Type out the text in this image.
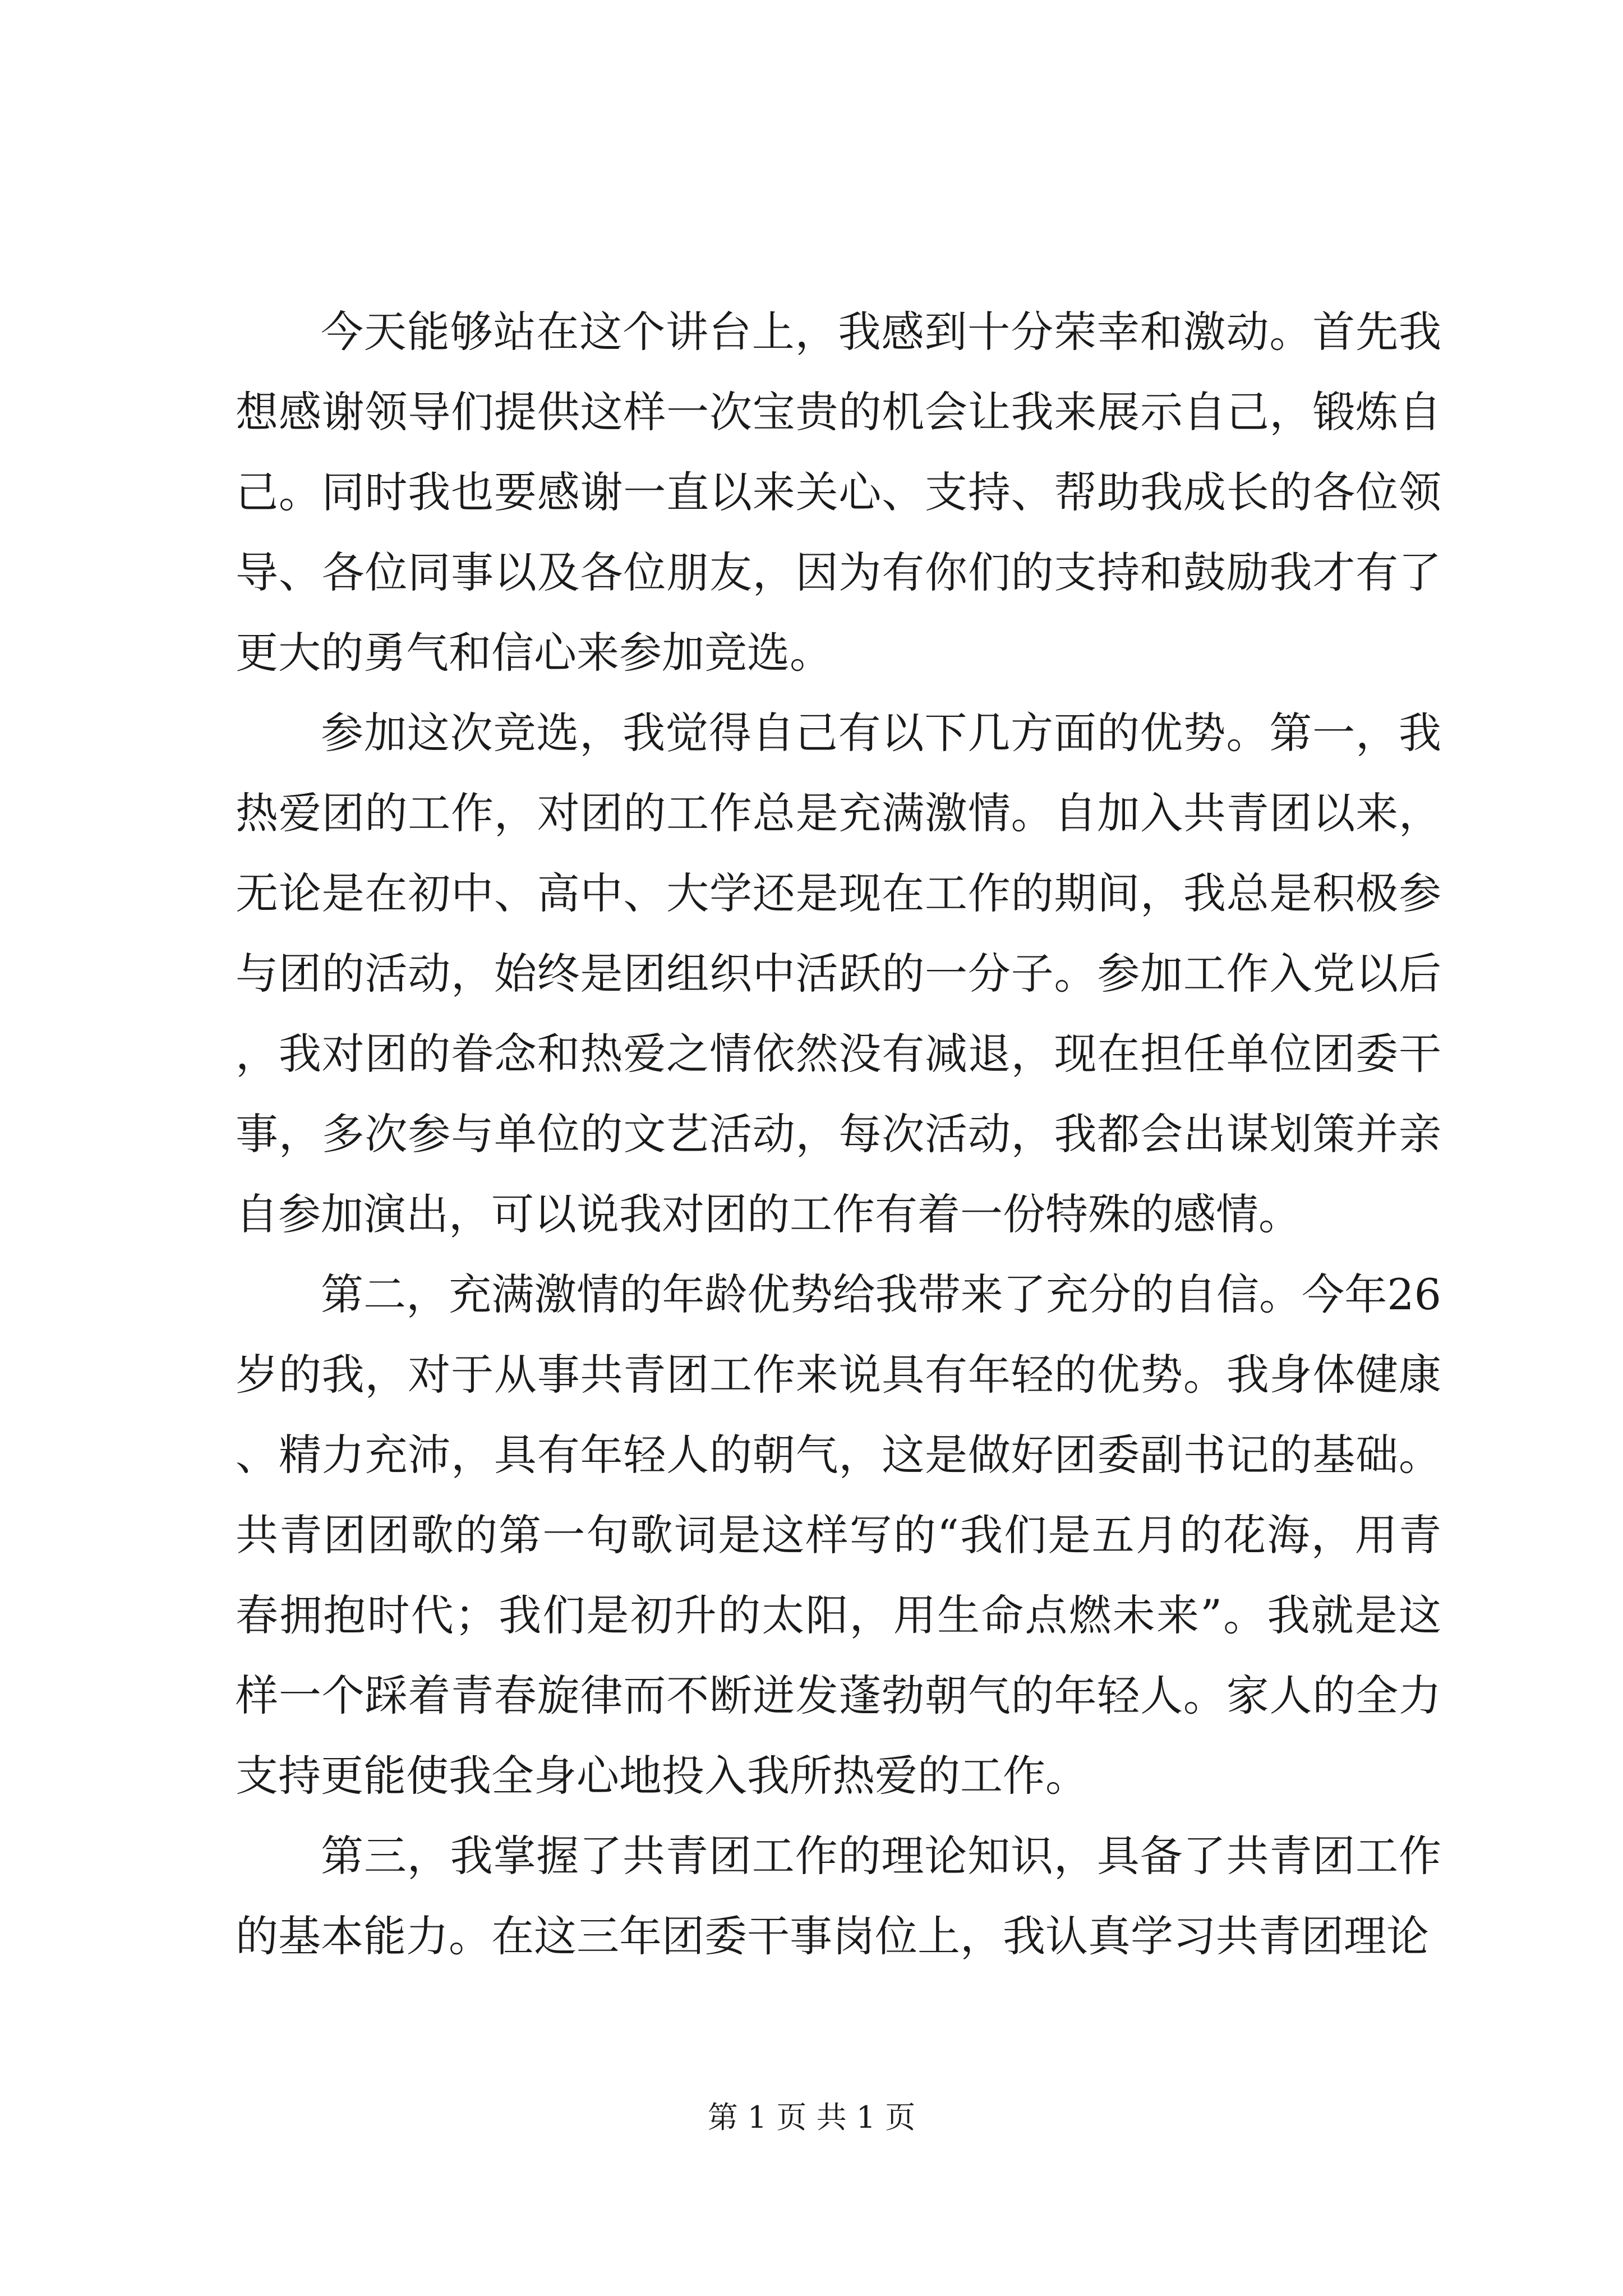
今天能够站在这个讲台上，我感到十分荣幸和激动。首先我想感谢领导们提供这样一次宝贵的机会让我来展示自己，锻炼自己。同时我也要感谢一直以来关心、支持、帮助我成长的各位领导、各位同事以及各位朋友，因为有你们的支持和鼓励我才有了更大的勇气和信心来参加竞选。

参加这次竞选，我觉得自己有以下几方面的优势。第一，我热爱团的工作，对团的工作总是充满激情。自加入共青团以来，无论是在初中、高中、大学还是现在工作的期间，我总是积极参与团的活动，始终是团组织中活跃的一分子。参加工作入党以后，我对团的眷念和热爱之情依然没有减退，现在担任单位团委干事，多次参与单位的文艺活动，每次活动，我都会出谋划策并亲自参加演出，可以说我对团的工作有着一份特殊的感情。

第二，充满激情的年龄优势给我带来了充分的自信。今年26岁的我，对于从事共青团工作来说具有年轻的优势。我身体健康、精力充沛，具有年轻人的朝气，这是做好团委副书记的基础。共青团团歌的第一句歌词是这样写的“我们是五月的花海，用青春拥抱时代；我们是初升的太阳，用生命点燃未来”。我就是这样一个踩着青春旋律而不断迸发蓬勃朝气的年轻人。家人的全力支持更能使我全身心地投入我所热爱的工作。

第三，我掌握了共青团工作的理论知识，具备了共青团工作的基本能力。在这三年团委干事岗位上，我认真学习共青团理论

第 1 页 共 1 页
